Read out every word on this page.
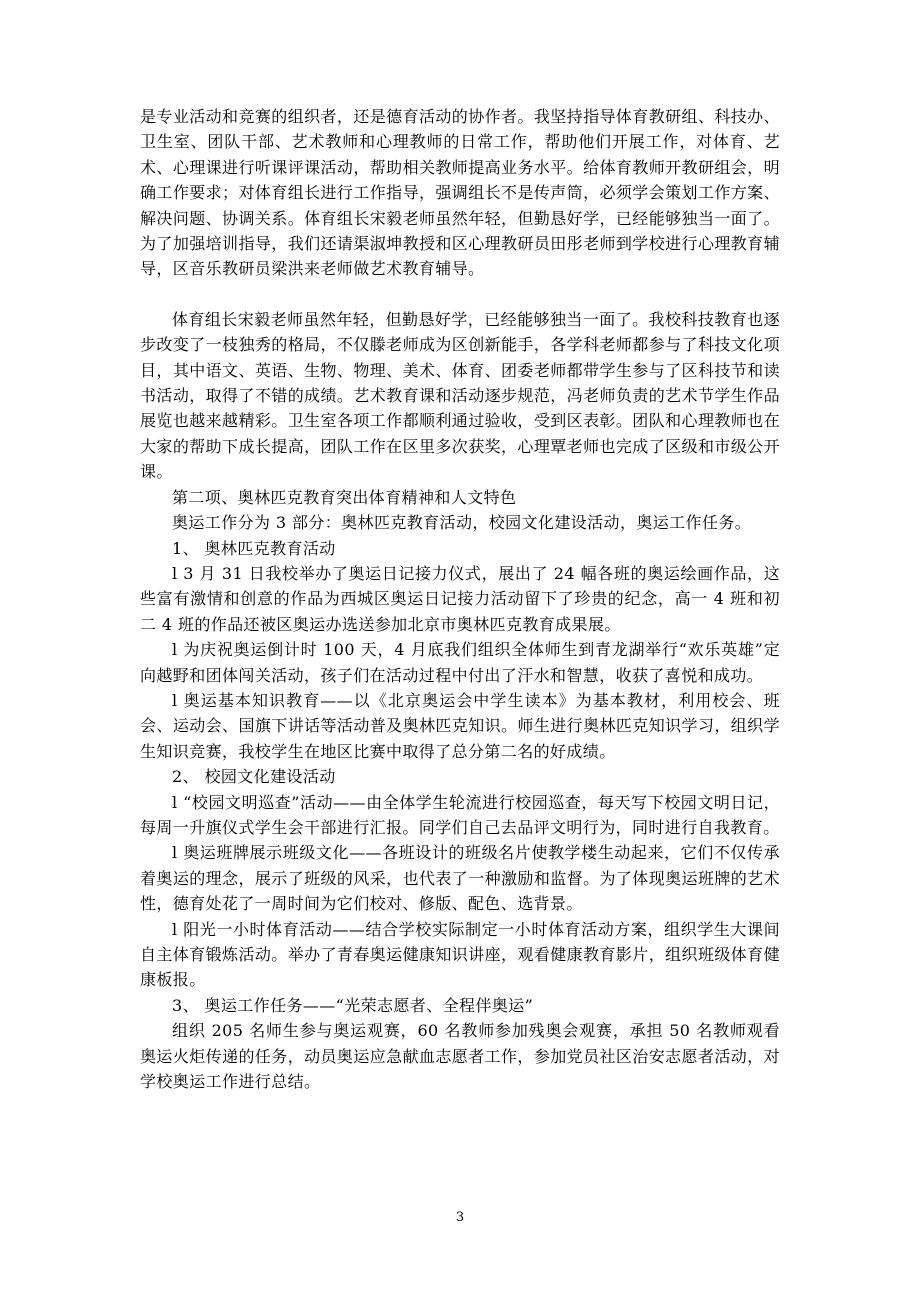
是专业活动和竞赛的组织者，还是德育活动的协作者。我坚持指导体育教研组、科技办、卫生室、团队干部、艺术教师和心理教师的日常工作，帮助他们开展工作，对体育、艺术、心理课进行听课评课活动，帮助相关教师提高业务水平。给体育教师开教研组会，明确工作要求；对体育组长进行工作指导，强调组长不是传声筒，必须学会策划工作方案、解决问题、协调关系。体育组长宋毅老师虽然年轻，但勤恳好学，已经能够独当一面了。为了加强培训指导，我们还请渠淑坤教授和区心理教研员田彤老师到学校进行心理教育辅导，区音乐教研员梁洪来老师做艺术教育辅导。

体育组长宋毅老师虽然年轻，但勤恳好学，已经能够独当一面了。我校科技教育也逐步改变了一枝独秀的格局，不仅滕老师成为区创新能手，各学科老师都参与了科技文化项目，其中语文、英语、生物、物理、美术、体育、团委老师都带学生参与了区科技节和读书活动，取得了不错的成绩。艺术教育课和活动逐步规范，冯老师负责的艺术节学生作品展览也越来越精彩。卫生室各项工作都顺利通过验收，受到区表彰。团队和心理教师也在大家的帮助下成长提高，团队工作在区里多次获奖，心理覃老师也完成了区级和市级公开课。

第二项、奥林匹克教育突出体育精神和人文特色

奥运工作分为 3 部分：奥林匹克教育活动，校园文化建设活动，奥运工作任务。

1、 奥林匹克教育活动

l 3 月 31 日我校举办了奥运日记接力仪式，展出了 24 幅各班的奥运绘画作品，这些富有激情和创意的作品为西城区奥运日记接力活动留下了珍贵的纪念，高一 4 班和初二 4 班的作品还被区奥运办选送参加北京市奥林匹克教育成果展。

l 为庆祝奥运倒计时 100 天，4 月底我们组织全体师生到青龙湖举行“欢乐英雄”定向越野和团体闯关活动，孩子们在活动过程中付出了汗水和智慧，收获了喜悦和成功。

l 奥运基本知识教育——以《北京奥运会中学生读本》为基本教材，利用校会、班会、运动会、国旗下讲话等活动普及奥林匹克知识。师生进行奥林匹克知识学习，组织学生知识竞赛，我校学生在地区比赛中取得了总分第二名的好成绩。

2、 校园文化建设活动

l “校园文明巡查”活动——由全体学生轮流进行校园巡查，每天写下校园文明日记，每周一升旗仪式学生会干部进行汇报。同学们自己去品评文明行为，同时进行自我教育。

l 奥运班牌展示班级文化——各班设计的班级名片使教学楼生动起来，它们不仅传承着奥运的理念，展示了班级的风采，也代表了一种激励和监督。为了体现奥运班牌的艺术性，德育处花了一周时间为它们校对、修版、配色、选背景。

l 阳光一小时体育活动——结合学校实际制定一小时体育活动方案，组织学生大课间自主体育锻炼活动。举办了青春奥运健康知识讲座，观看健康教育影片，组织班级体育健康板报。

3、 奥运工作任务——“光荣志愿者、全程伴奥运”

组织 205 名师生参与奥运观赛，60 名教师参加残奥会观赛，承担 50 名教师观看奥运火炬传递的任务，动员奥运应急献血志愿者工作，参加党员社区治安志愿者活动，对学校奥运工作进行总结。

3
